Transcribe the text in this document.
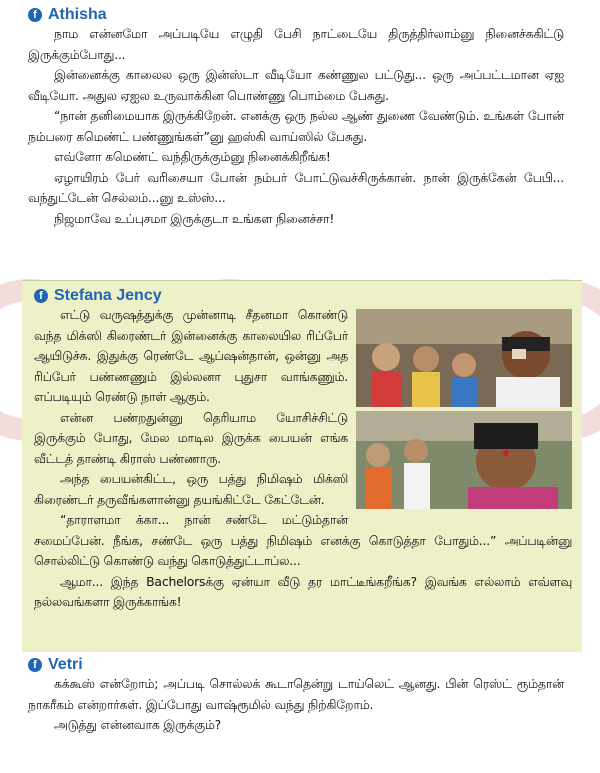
f Athisha

நாம என்னமோ அப்படியே எழுதி பேசி நாட்டையே திருத்திர்லாம்னு நினைச்சுகிட்டு இருக்கும்போது...

இன்னைக்கு காலைல ஒரு இன்ஸ்டா வீடியோ கண்ணுல பட்டுது... ஒரு அப்பட்டமான ஏஐ வீடியோ. அதுல ஏஐல உருவாக்கின பொண்ணு பொம்மை பேசுது.

“நான் தனிமையாக இருக்கிறேன். எனக்கு ஒரு நல்ல ஆண் துணை வேண்டும். உங்கள் போன் நம்பரை கமெண்ட் பண்ணுங்கள்”னு ஹஸ்கி வாய்ஸில் பேசுது.

எவ்ளோ கமெண்ட் வந்திருக்கும்னு நினைக்கிறீங்க!

ஏழாயிரம் பேர் வரிசையா போன் நம்பர் போட்டுவச்சிருக்கான். நான் இருக்கேன் பேபி... வந்துட்டேன் செல்லம்...னு உஸ்ஸ்...

நிஜமாவே உப்புசமா இருக்குடா உங்கள நினைச்சா!

f Stefana Jency

எட்டு வருஷத்துக்கு முன்னாடி சீதனமா கொண்டு வந்த மிக்ஸி கிரைண்டர் இன்னைக்கு காலையில ரிப்பேர் ஆயிடுச்சு. இதுக்கு ரெண்டே ஆப்ஷன்தான், ஒன்னு அத ரிப்பேர் பண்ணணும் இல்லனா புதுசா வாங்கணும். எப்படியும் ரெண்டு நாள் ஆகும்.

என்ன பண்றதுன்னு தெரியாம யோசிச்சிட்டு இருக்கும் போது, மேல மாடில இருக்க பையன் எங்க வீட்டத் தாண்டி கிராஸ் பண்ணாரு.

அந்த பையன்கிட்ட, ஒரு பத்து நிமிஷம் மிக்ஸி கிரைண்டர் தருவீங்களான்னு தயங்கிட்டே கேட்டேன்.

“தாராளமா க்கா... நான் சண்டே மட்டும்தான் சமைப்பேன். நீங்க, சண்டே ஒரு பத்து நிமிஷம் எனக்கு கொடுத்தா போதும்...” அப்படின்னு சொல்லிட்டு கொண்டு வந்து கொடுத்துட்டாப்ல...

ஆமா... இந்த Bachelorsக்கு ஏன்யா வீடு தர மாட்டீங்கறீங்க? இவங்க எல்லாம் எவ்ளவு நல்லவங்களா இருக்காங்க!

f Vetri

கக்கூஸ் என்றோம்; அப்படி சொல்லக் கூடாதென்று டாய்லெட் ஆனது. பின் ரெஸ்ட் ரூம்தான் நாகரீகம் என்றார்கள். இப்போது வாஷ்ரூமில் வந்து நிற்கிறோம்.

அடுத்து என்னவாக இருக்கும்?
